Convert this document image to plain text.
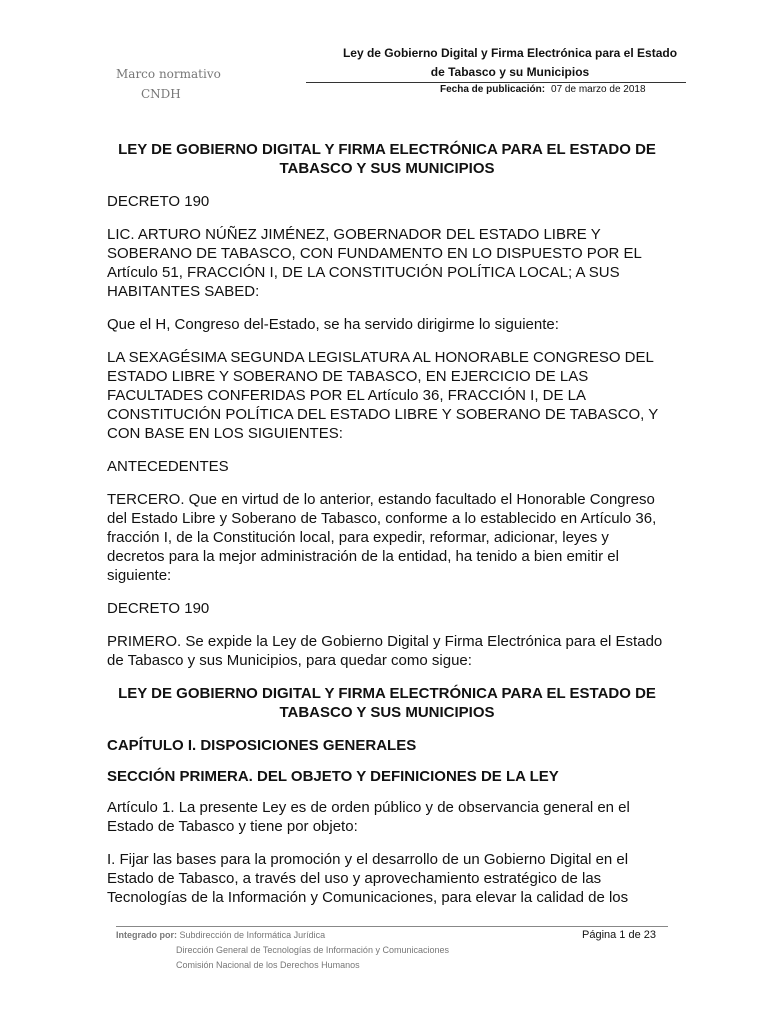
Marco normativo
CNDH
Ley de Gobierno Digital y Firma Electrónica para el Estado
de Tabasco y su Municipios
Fecha de publicación: 07 de marzo de 2018

LEY DE GOBIERNO DIGITAL Y FIRMA ELECTRÓNICA PARA EL ESTADO DE TABASCO Y SUS MUNICIPIOS

DECRETO 190

LIC. ARTURO NÚÑEZ JIMÉNEZ, GOBERNADOR DEL ESTADO LIBRE Y SOBERANO DE TABASCO, CON FUNDAMENTO EN LO DISPUESTO POR EL Artículo 51, FRACCIÓN I, DE LA CONSTITUCIÓN POLÍTICA LOCAL; A SUS HABITANTES SABED:

Que el H, Congreso del-Estado, se ha servido dirigirme lo siguiente:

LA SEXAGÉSIMA SEGUNDA LEGISLATURA AL HONORABLE CONGRESO DEL ESTADO LIBRE Y SOBERANO DE TABASCO, EN EJERCICIO DE LAS FACULTADES CONFERIDAS POR EL Artículo 36, FRACCIÓN I, DE LA CONSTITUCIÓN POLÍTICA DEL ESTADO LIBRE Y SOBERANO DE TABASCO, Y CON BASE EN LOS SIGUIENTES:

ANTECEDENTES

TERCERO. Que en virtud de lo anterior, estando facultado el Honorable Congreso del Estado Libre y Soberano de Tabasco, conforme a lo establecido en Artículo 36, fracción I, de la Constitución local, para expedir, reformar, adicionar, leyes y decretos para la mejor administración de la entidad, ha tenido a bien emitir el siguiente:

DECRETO 190

PRIMERO. Se expide la Ley de Gobierno Digital y Firma Electrónica para el Estado de Tabasco y sus Municipios, para quedar como sigue:

LEY DE GOBIERNO DIGITAL Y FIRMA ELECTRÓNICA PARA EL ESTADO DE TABASCO Y SUS MUNICIPIOS

CAPÍTULO I. DISPOSICIONES GENERALES

SECCIÓN PRIMERA. DEL OBJETO Y DEFINICIONES DE LA LEY

Artículo 1. La presente Ley es de orden público y de observancia general en el Estado de Tabasco y tiene por objeto:

I. Fijar las bases para la promoción y el desarrollo de un Gobierno Digital en el Estado de Tabasco, a través del uso y aprovechamiento estratégico de las Tecnologías de la Información y Comunicaciones, para elevar la calidad de los

Integrado por: Subdirección de Informática Jurídica
Dirección General de Tecnologías de Información y Comunicaciones
Comisión Nacional de los Derechos Humanos
Página 1 de 23
